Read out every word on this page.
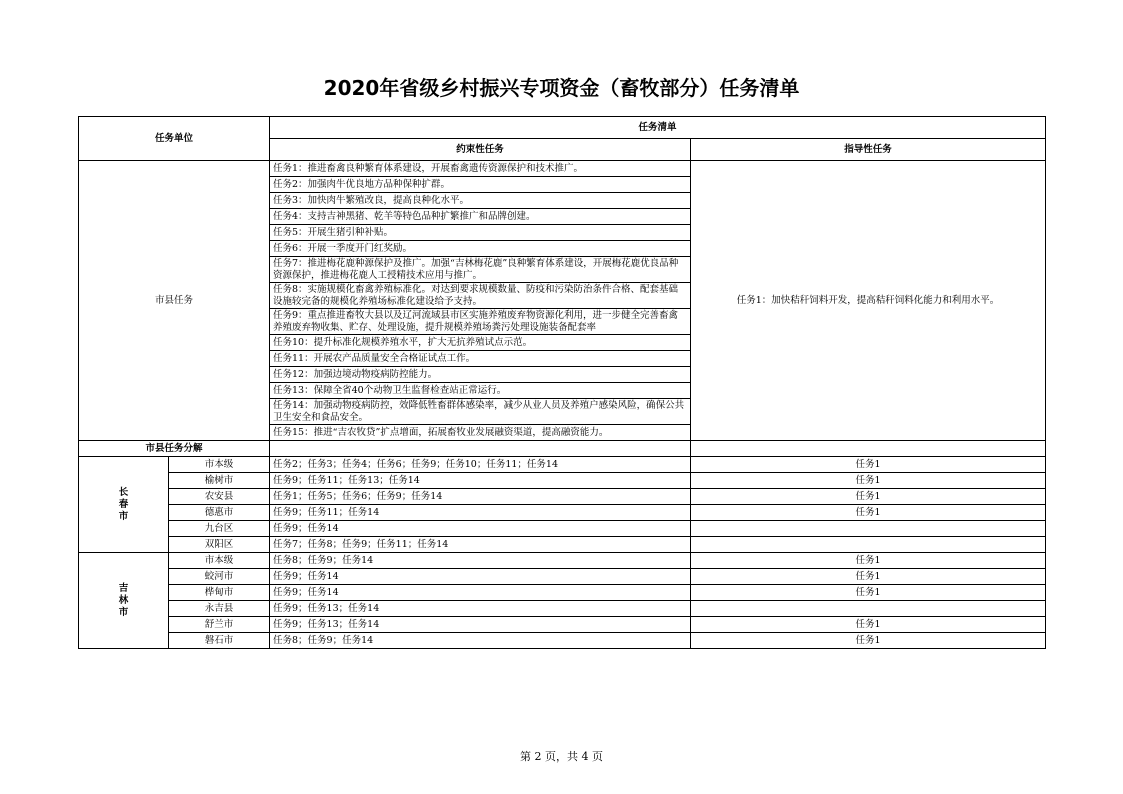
2020年省级乡村振兴专项资金（畜牧部分）任务清单
任务单位		任务清单	
		约束性任务	指导性任务
市县任务		任务1：推进畜禽良种繁育体系建设，开展畜禽遗传资源保护和技术推广。	任务1：加快秸秆饲料开发，提高秸秆饲料化能力和利用水平。
		任务2：加强肉牛优良地方品种保种扩群。	
		任务3：加快肉牛繁殖改良，提高良种化水平。	
		任务4：支持吉神黑猪、乾羊等特色品种扩繁推广和品牌创建。	
		任务5：开展生猪引种补贴。	
		任务6：开展一季度开门红奖励。	
		任务7：推进梅花鹿种源保护及推广。加强“吉林梅花鹿”良种繁育体系建设，开展梅花鹿优良品种资源保护，推进梅花鹿人工授精技术应用与推广。	
		任务8：实施规模化畜禽养殖标准化。对达到要求规模数量、防疫和污染防治条件合格、配套基础设施较完备的规模化养殖场标准化建设给予支持。	
		任务9：重点推进畜牧大县以及辽河流域县市区实施养殖废弃物资源化利用，进一步健全完善畜禽养殖废弃物收集、贮存、处理设施，提升规模养殖场粪污处理设施装备配套率	
		任务10：提升标准化规模养殖水平，扩大无抗养殖试点示范。	
		任务11：开展农产品质量安全合格证试点工作。	
		任务12：加强边境动物疫病防控能力。	
		任务13：保障全省40个动物卫生监督检查站正常运行。	
		任务14：加强动物疫病防控，效降低牲畜群体感染率，减少从业人员及养殖户感染风险，确保公共卫生安全和食品安全。	
		任务15：推进“吉农牧贷”扩点增面，拓展畜牧业发展融资渠道，提高融资能力。	
市县任务分解			

长
春
市	市本级	任务2；任务3；任务4；任务6；任务9；任务10；任务11；任务14	任务1
	榆树市	任务9；任务11；任务13；任务14	任务1
	农安县	任务1；任务5；任务6；任务9；任务14	任务1
	德惠市	任务9；任务11；任务14	任务1
	九台区	任务9；任务14	
	双阳区	任务7；任务8；任务9；任务11；任务14	

吉
林
市	市本级	任务8；任务9；任务14	任务1
	蛟河市	任务9；任务14	任务1
	桦甸市	任务9；任务14	任务1
	永吉县	任务9；任务13；任务14	
	舒兰市	任务9；任务13；任务14	任务1
	磐石市	任务8；任务9；任务14	任务1
第 2 页，共 4 页
